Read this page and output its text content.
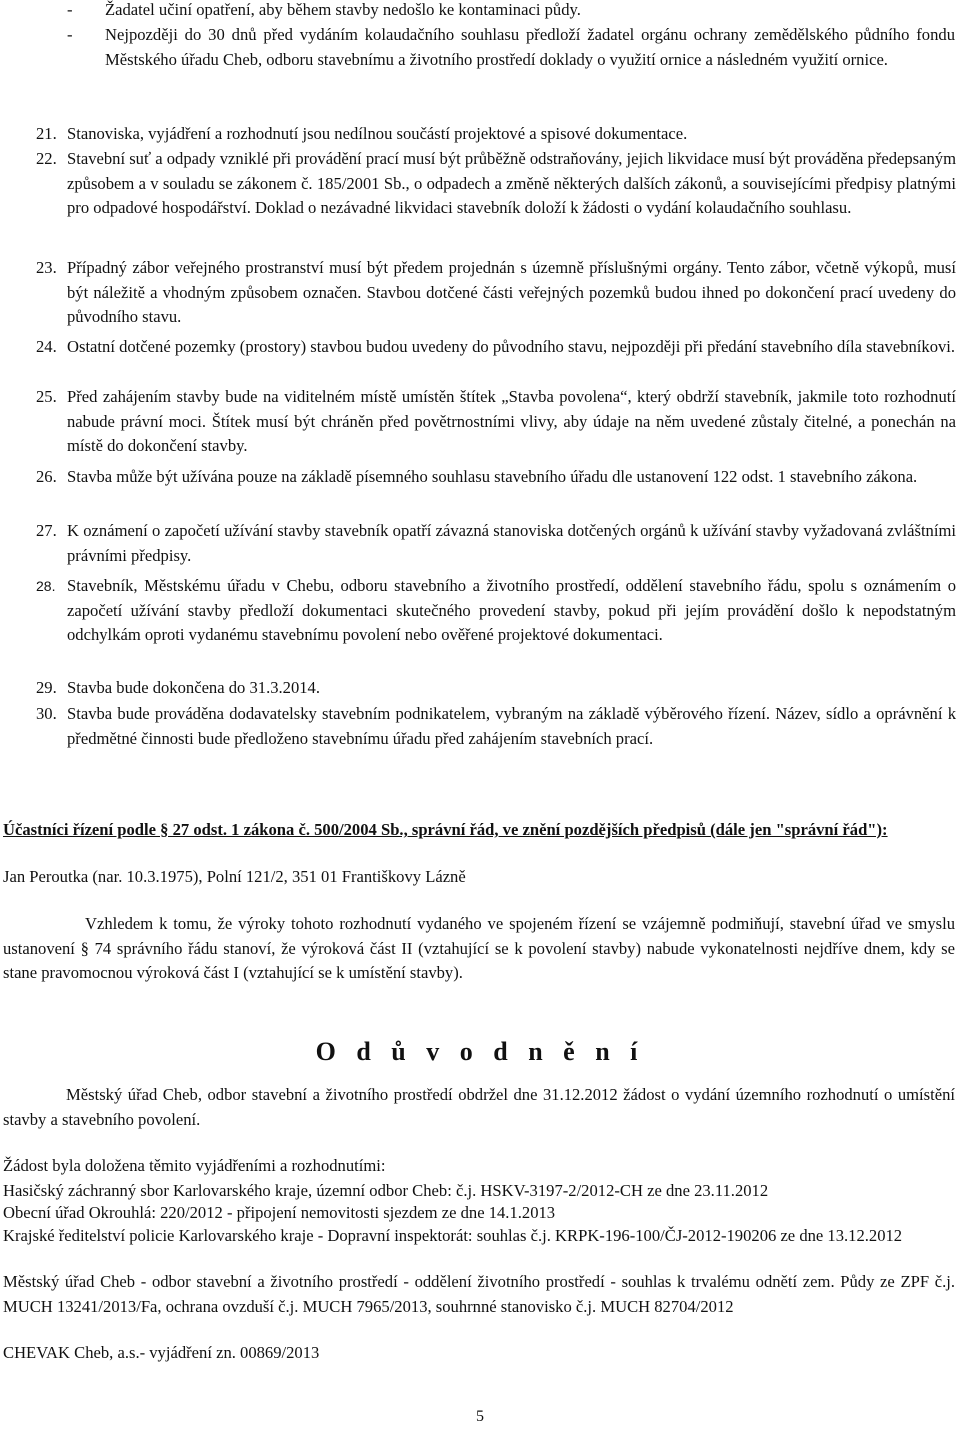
-	Žadatel učiní opatření, aby během stavby nedošlo ke kontaminaci půdy.
-	Nejpozději do 30 dnů před vydáním kolaudačního souhlasu předloží žadatel orgánu ochrany zemědělského půdního fondu Městského úřadu Cheb, odboru stavebnímu a životního prostředí doklady o využití ornice a následném využití ornice.
21. Stanoviska, vyjádření a rozhodnutí jsou nedílnou součástí projektové a spisové dokumentace.
22. Stavební suť a odpady vzniklé při provádění prací musí být průběžně odstraňovány, jejich likvidace musí být prováděna předepsaným způsobem a v souladu se zákonem č. 185/2001 Sb., o odpadech a změně některých dalších zákonů, a souvisejícími předpisy platnými pro odpadové hospodářství. Doklad o nezávadné likvidaci stavebník doloží k žádosti o vydání kolaudačního souhlasu.
23. Případný zábor veřejného prostranství musí být předem projednán s územně příslušnými orgány. Tento zábor, včetně výkopů, musí být náležitě a vhodným způsobem označen. Stavbou dotčené části veřejných pozemků budou ihned po dokončení prací uvedeny do původního stavu.
24. Ostatní dotčené pozemky (prostory) stavbou budou uvedeny do původního stavu, nejpozději při předání stavebního díla stavebníkovi.
25. Před zahájením stavby bude na viditelném místě umístěn štítek „Stavba povolena“, který obdrží stavebník, jakmile toto rozhodnutí nabude právní moci. Štítek musí být chráněn před povětrnostními vlivy, aby údaje na něm uvedené zůstaly čitelné, a ponechán na místě do dokončení stavby.
26. Stavba může být užívána pouze na základě písemného souhlasu stavebního úřadu dle ustanovení 122 odst. 1 stavebního zákona.
27. K oznámení o započetí užívání stavby stavebník opatří závazná stanoviska dotčených orgánů k užívání stavby vyžadovaná zvláštními právními předpisy.
28. Stavebník, Městskému úřadu v Chebu, odboru stavebního a životního prostředí, oddělení stavebního řádu, spolu s oznámením o započetí užívání stavby předloží dokumentaci skutečného provedení stavby, pokud při jejím provádění došlo k nepodstatným odchylkám oproti vydanému stavebnímu povolení nebo ověřené projektové dokumentaci.
29. Stavba bude dokončena do 31.3.2014.
30. Stavba bude prováděna dodavatelsky stavebním podnikatelem, vybraným na základě výběrového řízení. Název, sídlo a oprávnění k předmětné činnosti bude předloženo stavebnímu úřadu před zahájením stavebních prací.
Účastníci řízení podle § 27 odst. 1 zákona č. 500/2004 Sb., správní řád, ve znění pozdějších předpisů (dále jen "správní řád"):
Jan Peroutka (nar. 10.3.1975), Polní 121/2, 351 01 Františkovy Lázně
Vzhledem k tomu, že výroky tohoto rozhodnutí vydaného ve spojeném řízení se vzájemně podmiňují, stavební úřad ve smyslu ustanovení § 74 správního řádu stanoví, že výroková část II (vztahující se k povolení stavby) nabude vykonatelnosti nejdříve dnem, kdy se stane pravomocnou výroková část I (vztahující se k umístění stavby).
O d ů v o d n ě n í
Městský úřad Cheb, odbor stavební a životního prostředí obdržel dne 31.12.2012 žádost o vydání územního rozhodnutí o umístění stavby a stavebního povolení.
Žádost byla doložena těmito vyjádřeními a rozhodnutími:
Hasičský záchranný sbor Karlovarského kraje, územní odbor Cheb: č.j. HSKV-3197-2/2012-CH ze dne 23.11.2012
Obecní úřad Okrouhlá: 220/2012 - připojení nemovitosti sjezdem ze dne 14.1.2013
Krajské ředitelství policie Karlovarského kraje - Dopravní inspektorát: souhlas č.j. KRPK-196-100/ČJ-2012-190206 ze dne 13.12.2012
Městský úřad Cheb - odbor stavební a životního prostředí - oddělení životního prostředí - souhlas k trvalému odnětí zem. Půdy ze ZPF č.j. MUCH 13241/2013/Fa, ochrana ovzduší č.j. MUCH 7965/2013, souhrnné stanovisko č.j. MUCH 82704/2012
CHEVAK Cheb, a.s.- vyjádření zn. 00869/2013
5
